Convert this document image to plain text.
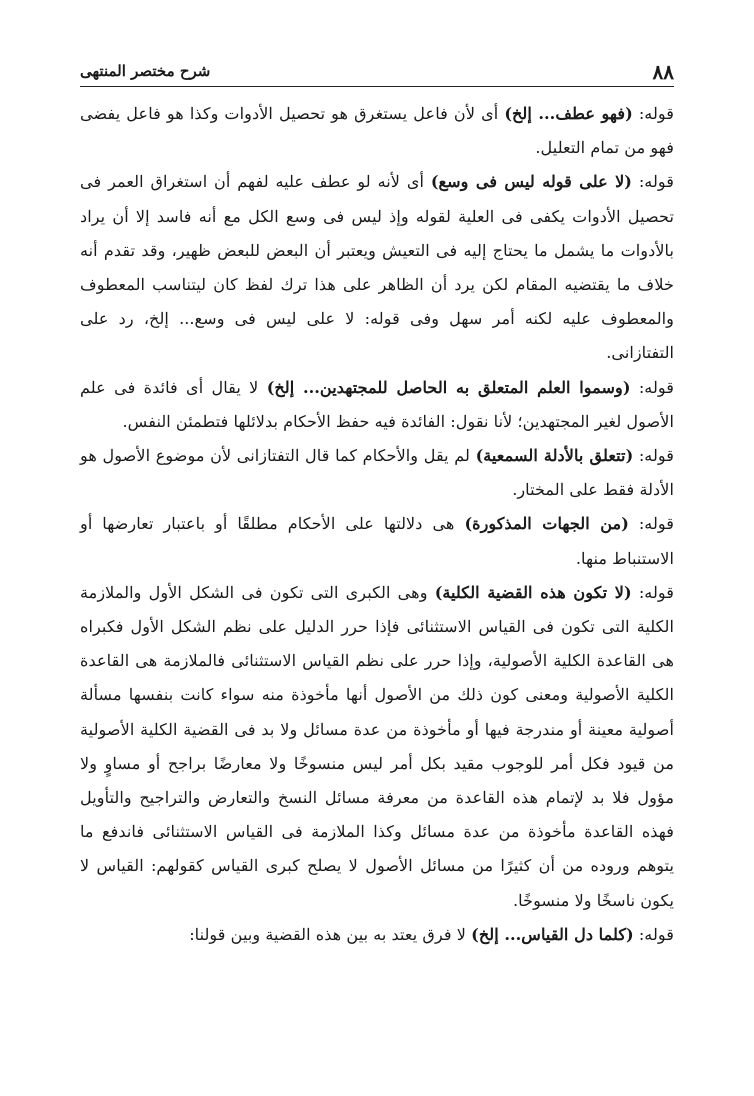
٨٨
شرح مختصر المنتهى

قوله: (فهو عطف... إلخ) أى لأن فاعل يستغرق هو تحصيل الأدوات وكذا هو فاعل يفضى فهو من تمام التعليل.

قوله: (لا على قوله ليس فى وسع) أى لأنه لو عطف عليه لفهم أن استغراق العمر فى تحصيل الأدوات يكفى فى العلية لقوله وإذ ليس فى وسع الكل مع أنه فاسد إلا أن يراد بالأدوات ما يشمل ما يحتاج إليه فى التعيش ويعتبر أن البعض للبعض ظهير، وقد تقدم أنه خلاف ما يقتضيه المقام لكن يرد أن الظاهر على هذا ترك لفظ كان ليتناسب المعطوف والمعطوف عليه لكنه أمر سهل وفى قوله: لا على ليس فى وسع... إلخ، رد على التفتازانى.

قوله: (وسموا العلم المتعلق به الحاصل للمجتهدين... إلخ) لا يقال أى فائدة فى علم الأصول لغير المجتهدين؛ لأنا نقول: الفائدة فيه حفظ الأحكام بدلائلها فتطمئن النفس.

قوله: (تتعلق بالأدلة السمعية) لم يقل والأحكام كما قال التفتازانى لأن موضوع الأصول هو الأدلة فقط على المختار.

قوله: (من الجهات المذكورة) هى دلالتها على الأحكام مطلقًا أو باعتبار تعارضها أو الاستنباط منها.

قوله: (لا تكون هذه القضية الكلية) وهى الكبرى التى تكون فى الشكل الأول والملازمة الكلية التى تكون فى القياس الاستثنائى فإذا حرر الدليل على نظم الشكل الأول فكبراه هى القاعدة الكلية الأصولية، وإذا حرر على نظم القياس الاستثنائى فالملازمة هى القاعدة الكلية الأصولية ومعنى كون ذلك من الأصول أنها مأخوذة منه سواء كانت بنفسها مسألة أصولية معينة أو مندرجة فيها أو مأخوذة من عدة مسائل ولا بد فى القضية الكلية الأصولية من قيود فكل أمر للوجوب مقيد بكل أمر ليس منسوخًا ولا معارضًا براجح أو مساوٍ ولا مؤول فلا بد لإتمام هذه القاعدة من معرفة مسائل النسخ والتعارض والتراجيح والتأويل فهذه القاعدة مأخوذة من عدة مسائل وكذا الملازمة فى القياس الاستثنائى فاندفع ما يتوهم وروده من أن كثيرًا من مسائل الأصول لا يصلح كبرى القياس كقولهم: القياس لا يكون ناسخًا ولا منسوخًا.

قوله: (كلما دل القياس... إلخ) لا فرق يعتد به بين هذه القضية وبين قولنا:
